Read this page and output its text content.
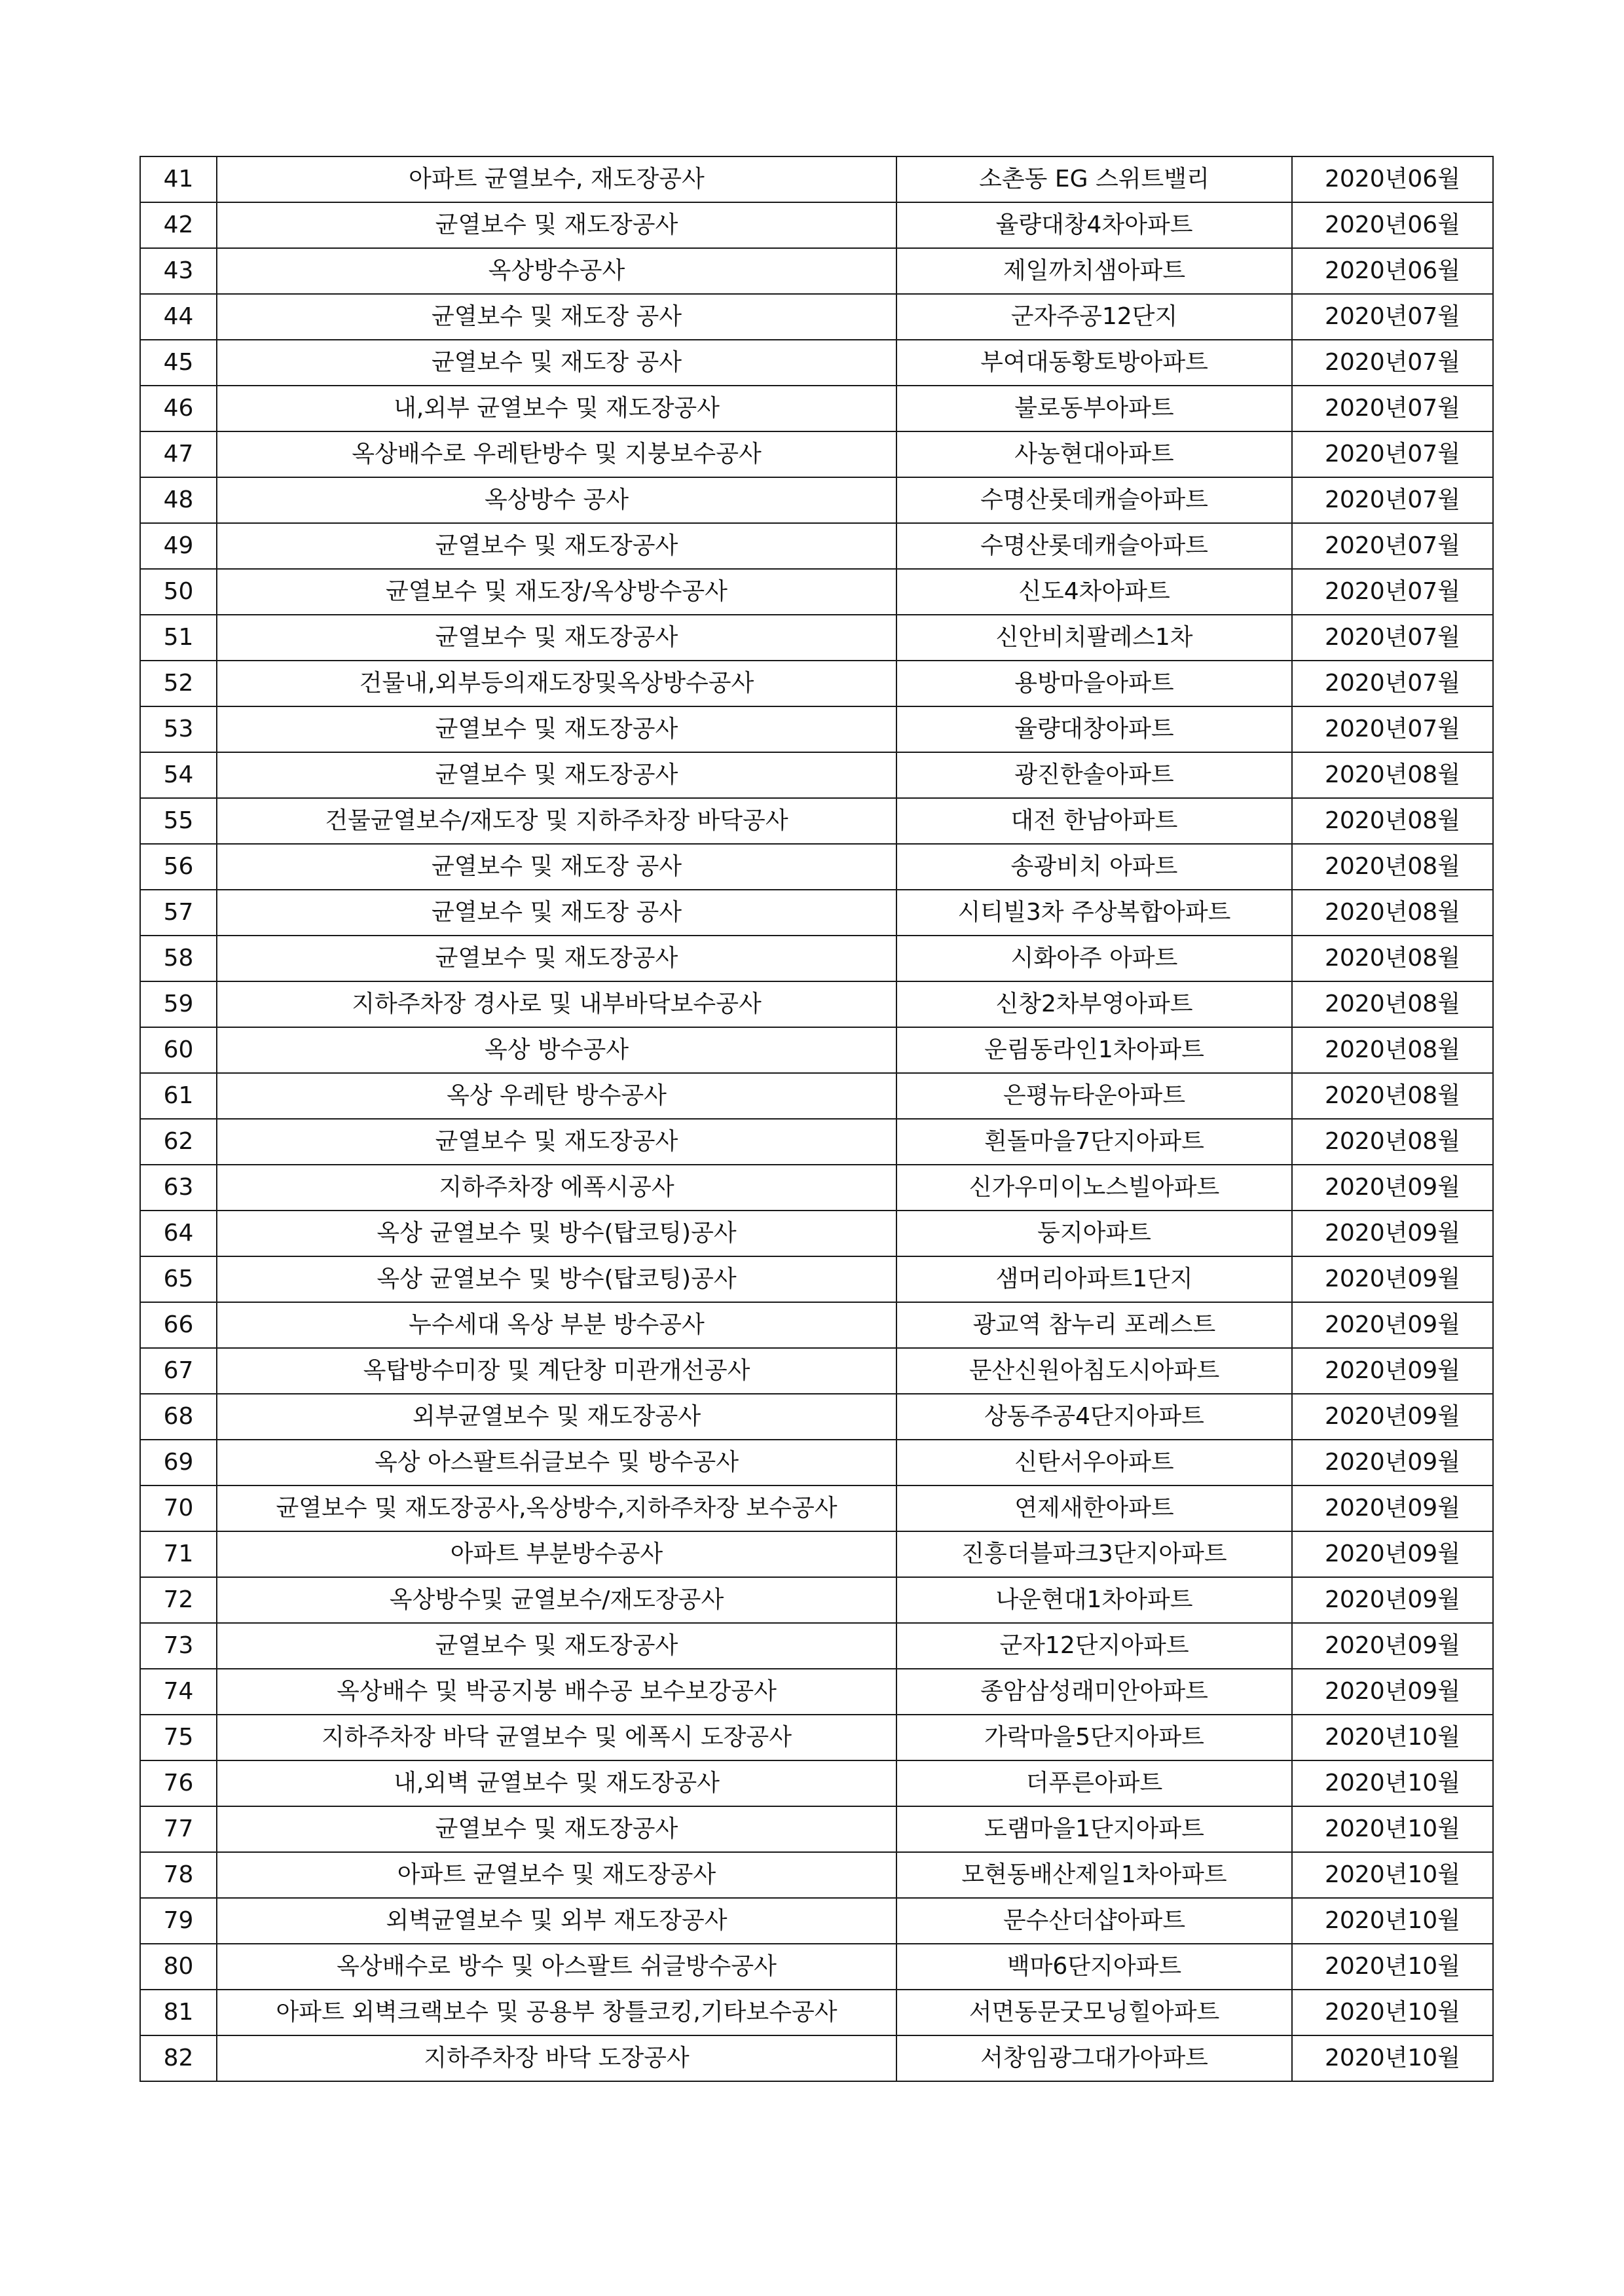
41	아파트 균열보수, 재도장공사	소촌동 EG 스위트밸리	2020년06월
42	균열보수 및 재도장공사	율량대창4차아파트	2020년06월
43	옥상방수공사	제일까치샘아파트	2020년06월
44	균열보수 및 재도장 공사	군자주공12단지	2020년07월
45	균열보수 및 재도장 공사	부여대동황토방아파트	2020년07월
46	내,외부 균열보수 및 재도장공사	불로동부아파트	2020년07월
47	옥상배수로 우레탄방수 및 지붕보수공사	사농현대아파트	2020년07월
48	옥상방수 공사	수명산롯데캐슬아파트	2020년07월
49	균열보수 및 재도장공사	수명산롯데캐슬아파트	2020년07월
50	균열보수 및 재도장/옥상방수공사	신도4차아파트	2020년07월
51	균열보수 및 재도장공사	신안비치팔레스1차	2020년07월
52	건물내,외부등의재도장및옥상방수공사	용방마을아파트	2020년07월
53	균열보수 및 재도장공사	율량대창아파트	2020년07월
54	균열보수 및 재도장공사	광진한솔아파트	2020년08월
55	건물균열보수/재도장 및 지하주차장 바닥공사	대전 한남아파트	2020년08월
56	균열보수 및 재도장 공사	송광비치 아파트	2020년08월
57	균열보수 및 재도장 공사	시티빌3차 주상복합아파트	2020년08월
58	균열보수 및 재도장공사	시화아주 아파트	2020년08월
59	지하주차장 경사로 및 내부바닥보수공사	신창2차부영아파트	2020년08월
60	옥상 방수공사	운림동라인1차아파트	2020년08월
61	옥상 우레탄 방수공사	은평뉴타운아파트	2020년08월
62	균열보수 및 재도장공사	흰돌마을7단지아파트	2020년08월
63	지하주차장 에폭시공사	신가우미이노스빌아파트	2020년09월
64	옥상 균열보수 및 방수(탑코팅)공사	둥지아파트	2020년09월
65	옥상 균열보수 및 방수(탑코팅)공사	샘머리아파트1단지	2020년09월
66	누수세대 옥상 부분 방수공사	광교역 참누리 포레스트	2020년09월
67	옥탑방수미장 및 계단창 미관개선공사	문산신원아침도시아파트	2020년09월
68	외부균열보수 및 재도장공사	상동주공4단지아파트	2020년09월
69	옥상 아스팔트쉬글보수 및 방수공사	신탄서우아파트	2020년09월
70	균열보수 및 재도장공사,옥상방수,지하주차장 보수공사	연제새한아파트	2020년09월
71	아파트 부분방수공사	진흥더블파크3단지아파트	2020년09월
72	옥상방수및 균열보수/재도장공사	나운현대1차아파트	2020년09월
73	균열보수 및 재도장공사	군자12단지아파트	2020년09월
74	옥상배수 및 박공지붕 배수공 보수보강공사	종암삼성래미안아파트	2020년09월
75	지하주차장 바닥 균열보수 및 에폭시 도장공사	가락마을5단지아파트	2020년10월
76	내,외벽 균열보수 및 재도장공사	더푸른아파트	2020년10월
77	균열보수 및 재도장공사	도램마을1단지아파트	2020년10월
78	아파트 균열보수 및 재도장공사	모현동배산제일1차아파트	2020년10월
79	외벽균열보수 및 외부 재도장공사	문수산더샵아파트	2020년10월
80	옥상배수로 방수 및 아스팔트 쉬글방수공사	백마6단지아파트	2020년10월
81	아파트 외벽크랙보수 및 공용부 창틀코킹,기타보수공사	서면동문굿모닝힐아파트	2020년10월
82	지하주차장 바닥 도장공사	서창임광그대가아파트	2020년10월
